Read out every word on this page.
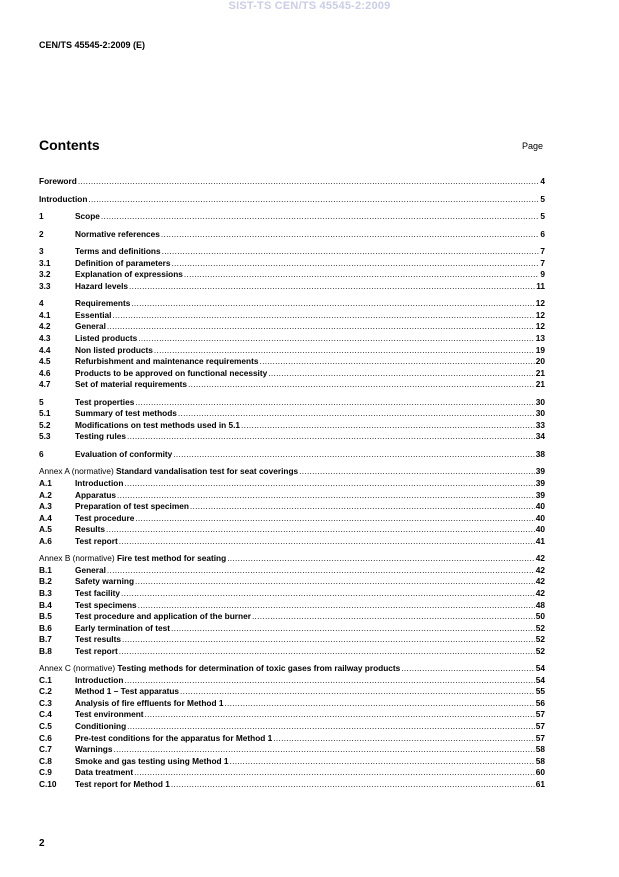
SIST-TS CEN/TS 45545-2:2009
CEN/TS 45545-2:2009 (E)
Contents	Page
Foreword .....	4
Introduction .....	5
1	Scope .....	5
2	Normative references .....	6
3	Terms and definitions .....	7
3.1	Definition of parameters .....	7
3.2	Explanation of expressions .....	9
3.3	Hazard levels .....	11
4	Requirements .....	12
4.1	Essential .....	12
4.2	General .....	12
4.3	Listed products .....	13
4.4	Non listed products .....	19
4.5	Refurbishment and maintenance requirements .....	20
4.6	Products to be approved on functional necessity .....	21
4.7	Set of material requirements .....	21
5	Test properties .....	30
5.1	Summary of test methods .....	30
5.2	Modifications on test methods used in 5.1 .....	33
5.3	Testing rules .....	34
6	Evaluation of conformity .....	38
Annex A (normative) Standard vandalisation test for seat coverings .....	39
A.1	Introduction .....	39
A.2	Apparatus .....	39
A.3	Preparation of test specimen .....	40
A.4	Test procedure .....	40
A.5	Results .....	40
A.6	Test report .....	41
Annex B (normative) Fire test method for seating .....	42
B.1	General .....	42
B.2	Safety warning .....	42
B.3	Test facility .....	42
B.4	Test specimens .....	48
B.5	Test procedure and application of the burner .....	50
B.6	Early termination of test .....	52
B.7	Test results .....	52
B.8	Test report .....	52
Annex C (normative) Testing methods for determination of toxic gases from railway products .....	54
C.1	Introduction .....	54
C.2	Method 1 – Test apparatus .....	55
C.3	Analysis of fire effluents for Method 1 .....	56
C.4	Test environment .....	57
C.5	Conditioning .....	57
C.6	Pre-test conditions for the apparatus for Method 1 .....	57
C.7	Warnings .....	58
C.8	Smoke and gas testing using Method 1 .....	58
C.9	Data treatment .....	60
C.10	Test report for Method 1 .....	61
2
